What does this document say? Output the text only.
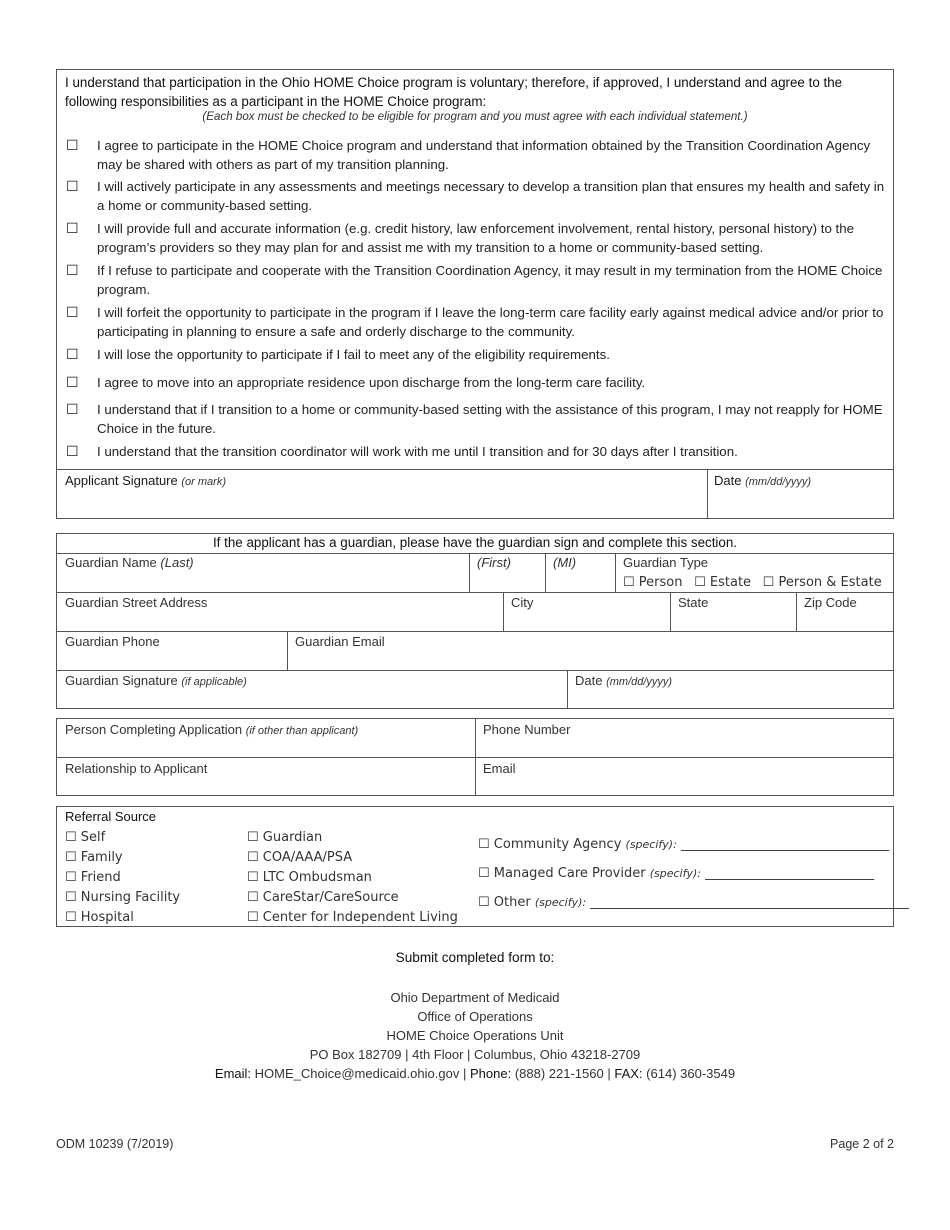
I understand that participation in the Ohio HOME Choice program is voluntary; therefore, if approved, I understand and agree to the following responsibilities as a participant in the HOME Choice program:
(Each box must be checked to be eligible for program and you must agree with each individual statement.)
☐ I agree to participate in the HOME Choice program and understand that information obtained by the Transition Coordination Agency may be shared with others as part of my transition planning.
☐ I will actively participate in any assessments and meetings necessary to develop a transition plan that ensures my health and safety in a home or community-based setting.
☐ I will provide full and accurate information (e.g. credit history, law enforcement involvement, rental history, personal history) to the program’s providers so they may plan for and assist me with my transition to a home or community-based setting.
☐ If I refuse to participate and cooperate with the Transition Coordination Agency, it may result in my termination from the HOME Choice program.
☐ I will forfeit the opportunity to participate in the program if I leave the long-term care facility early against medical advice and/or prior to participating in planning to ensure a safe and orderly discharge to the community.
☐ I will lose the opportunity to participate if I fail to meet any of the eligibility requirements.
☐ I agree to move into an appropriate residence upon discharge from the long-term care facility.
☐ I understand that if I transition to a home or community-based setting with the assistance of this program, I may not reapply for HOME Choice in the future.
☐ I understand that the transition coordinator will work with me until I transition and for 30 days after I transition.
Applicant Signature (or mark)	Date (mm/dd/yyyy)
If the applicant has a guardian, please have the guardian sign and complete this section.
Guardian Name (Last)	(First)	(MI)	Guardian Type
☐ Person ☐ Estate ☐ Person & Estate
Guardian Street Address	City	State	Zip Code
Guardian Phone	Guardian Email
Guardian Signature (if applicable)	Date (mm/dd/yyyy)
Person Completing Application (if other than applicant)	Phone Number
Relationship to Applicant	Email
Referral Source
☐ Self
☐ Family
☐ Friend
☐ Nursing Facility
☐ Hospital
☐ Guardian
☐ COA/AAA/PSA
☐ LTC Ombudsman
☐ CareStar/CareSource
☐ Center for Independent Living
☐ Community Agency (specify): ________________________________
☐ Managed Care Provider (specify): __________________________
☐ Other (specify): _________________________________________________
Submit completed form to:
Ohio Department of Medicaid
Office of Operations
HOME Choice Operations Unit
PO Box 182709 | 4th Floor | Columbus, Ohio 43218-2709
Email: HOME_Choice@medicaid.ohio.gov | Phone: (888) 221-1560 | FAX: (614) 360-3549
ODM 10239 (7/2019)	Page 2 of 2
